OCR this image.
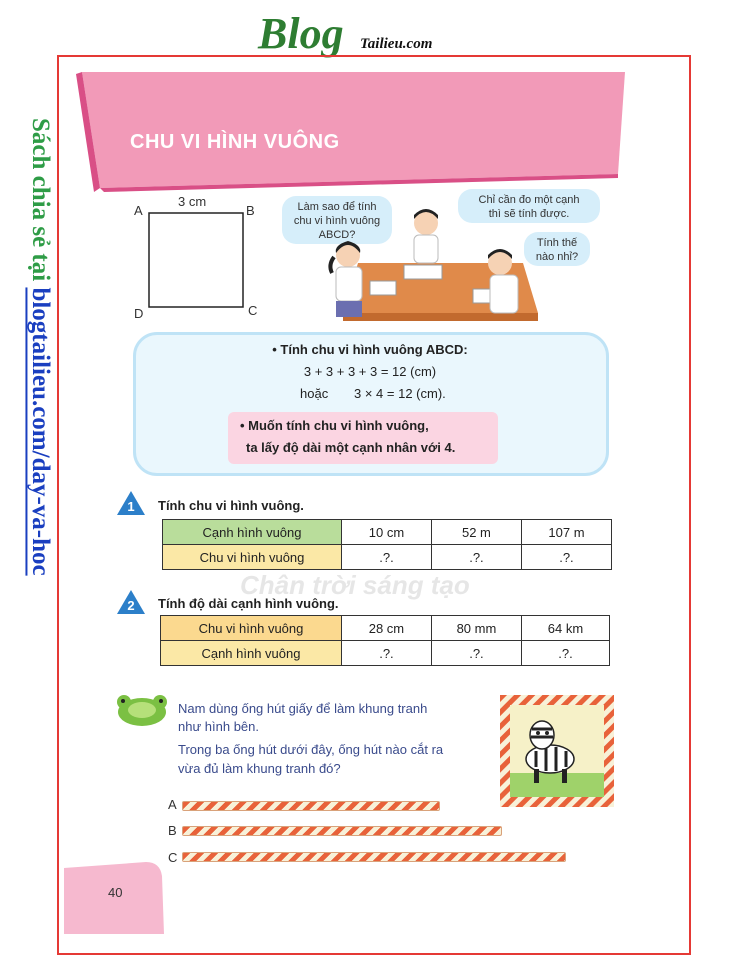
Blog Tailieu.com
Sách chia sẻ tại blogtailieu.com/day-va-hoc
CHU VI HÌNH VUÔNG
3 cm
A	B
C
D
Làm sao để tính
chu vi hình vuông
ABCD?
Chỉ cần đo một cạnh
thì sẽ tính được.
Tính thế
nào nhỉ?
• Tính chu vi hình vuông ABCD:
3 + 3 + 3 + 3 = 12 (cm)
hoặc	3 × 4 = 12 (cm).
• Muốn tính chu vi hình vuông,
ta lấy độ dài một cạnh nhân với 4.
1	Tính chu vi hình vuông.
Cạnh hình vuông	10 cm	52 m	107 m
Chu vi hình vuông	.?.	.?.	.?.
Chân trời sáng tạo
2	Tính độ dài cạnh hình vuông.
Chu vi hình vuông	28 cm	80 mm	64 km
Cạnh hình vuông	.?.	.?.	.?.
Nam dùng ống hút giấy để làm khung tranh
như hình bên.
Trong ba ống hút dưới đây, ống hút nào cắt ra
vừa đủ làm khung tranh đó?
A
B
C
40
